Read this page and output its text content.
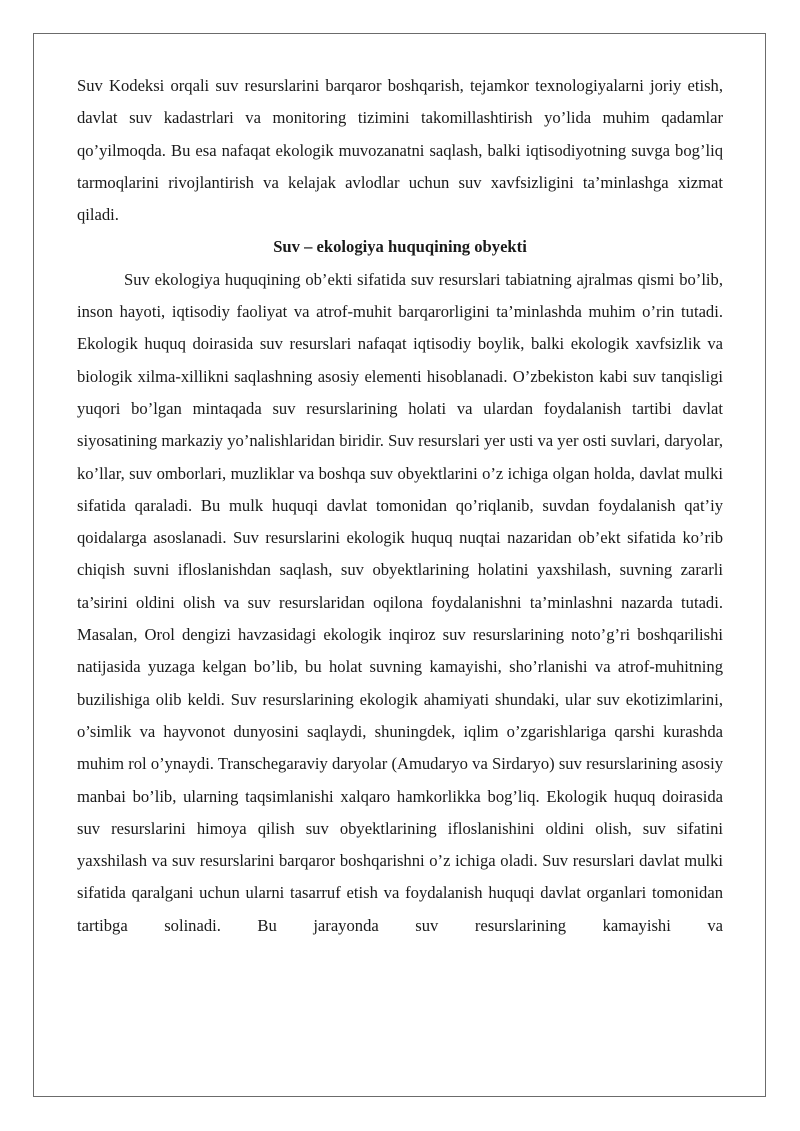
Suv Kodeksi orqali suv resurslarini barqaror boshqarish, tejamkor texnologiyalarni joriy etish, davlat suv kadastrlari va monitoring tizimini takomillashtirish yo’lida muhim qadamlar qo’yilmoqda. Bu esa nafaqat ekologik muvozanatni saqlash, balki iqtisodiyotning suvga bog’liq tarmoqlarini rivojlantirish va kelajak avlodlar uchun suv xavfsizligini ta’minlashga xizmat qiladi.

Suv – ekologiya huquqining obyekti

Suv ekologiya huquqining ob’ekti sifatida suv resurslari tabiatning ajralmas qismi bo’lib, inson hayoti, iqtisodiy faoliyat va atrof-muhit barqarorligini ta’minlashda muhim o’rin tutadi. Ekologik huquq doirasida suv resurslari nafaqat iqtisodiy boylik, balki ekologik xavfsizlik va biologik xilma-xillikni saqlashning asosiy elementi hisoblanadi. O’zbekiston kabi suv tanqisligi yuqori bo’lgan mintaqada suv resurslarining holati va ulardan foydalanish tartibi davlat siyosatining markaziy yo’nalishlaridan biridir. Suv resurslari yer usti va yer osti suvlari, daryolar, ko’llar, suv omborlari, muzliklar va boshqa suv obyektlarini o’z ichiga olgan holda, davlat mulki sifatida qaraladi. Bu mulk huquqi davlat tomonidan qo’riqlanib, suvdan foydalanish qat’iy qoidalarga asoslanadi. Suv resurslarini ekologik huquq nuqtai nazaridan ob’ekt sifatida ko’rib chiqish suvni ifloslanishdan saqlash, suv obyektlarining holatini yaxshilash, suvning zararli ta’sirini oldini olish va suv resurslaridan oqilona foydalanishni ta’minlashni nazarda tutadi. Masalan, Orol dengizi havzasidagi ekologik inqiroz suv resurslarining noto’g’ri boshqarilishi natijasida yuzaga kelgan bo’lib, bu holat suvning kamayishi, sho’rlanishi va atrof-muhitning buzilishiga olib keldi. Suv resurslarining ekologik ahamiyati shundaki, ular suv ekotizimlarini, o’simlik va hayvonot dunyosini saqlaydi, shuningdek, iqlim o’zgarishlariga qarshi kurashda muhim rol o’ynaydi. Transchegaraviy daryolar (Amudaryo va Sirdaryo) suv resurslarining asosiy manbai bo’lib, ularning taqsimlanishi xalqaro hamkorlikka bog’liq. Ekologik huquq doirasida suv resurslarini himoya qilish suv obyektlarining ifloslanishini oldini olish, suv sifatini yaxshilash va suv resurslarini barqaror boshqarishni o’z ichiga oladi. Suv resurslari davlat mulki sifatida qaralgani uchun ularni tasarruf etish va foydalanish huquqi davlat organlari tomonidan tartibga solinadi. Bu jarayonda suv resurslarining kamayishi va
